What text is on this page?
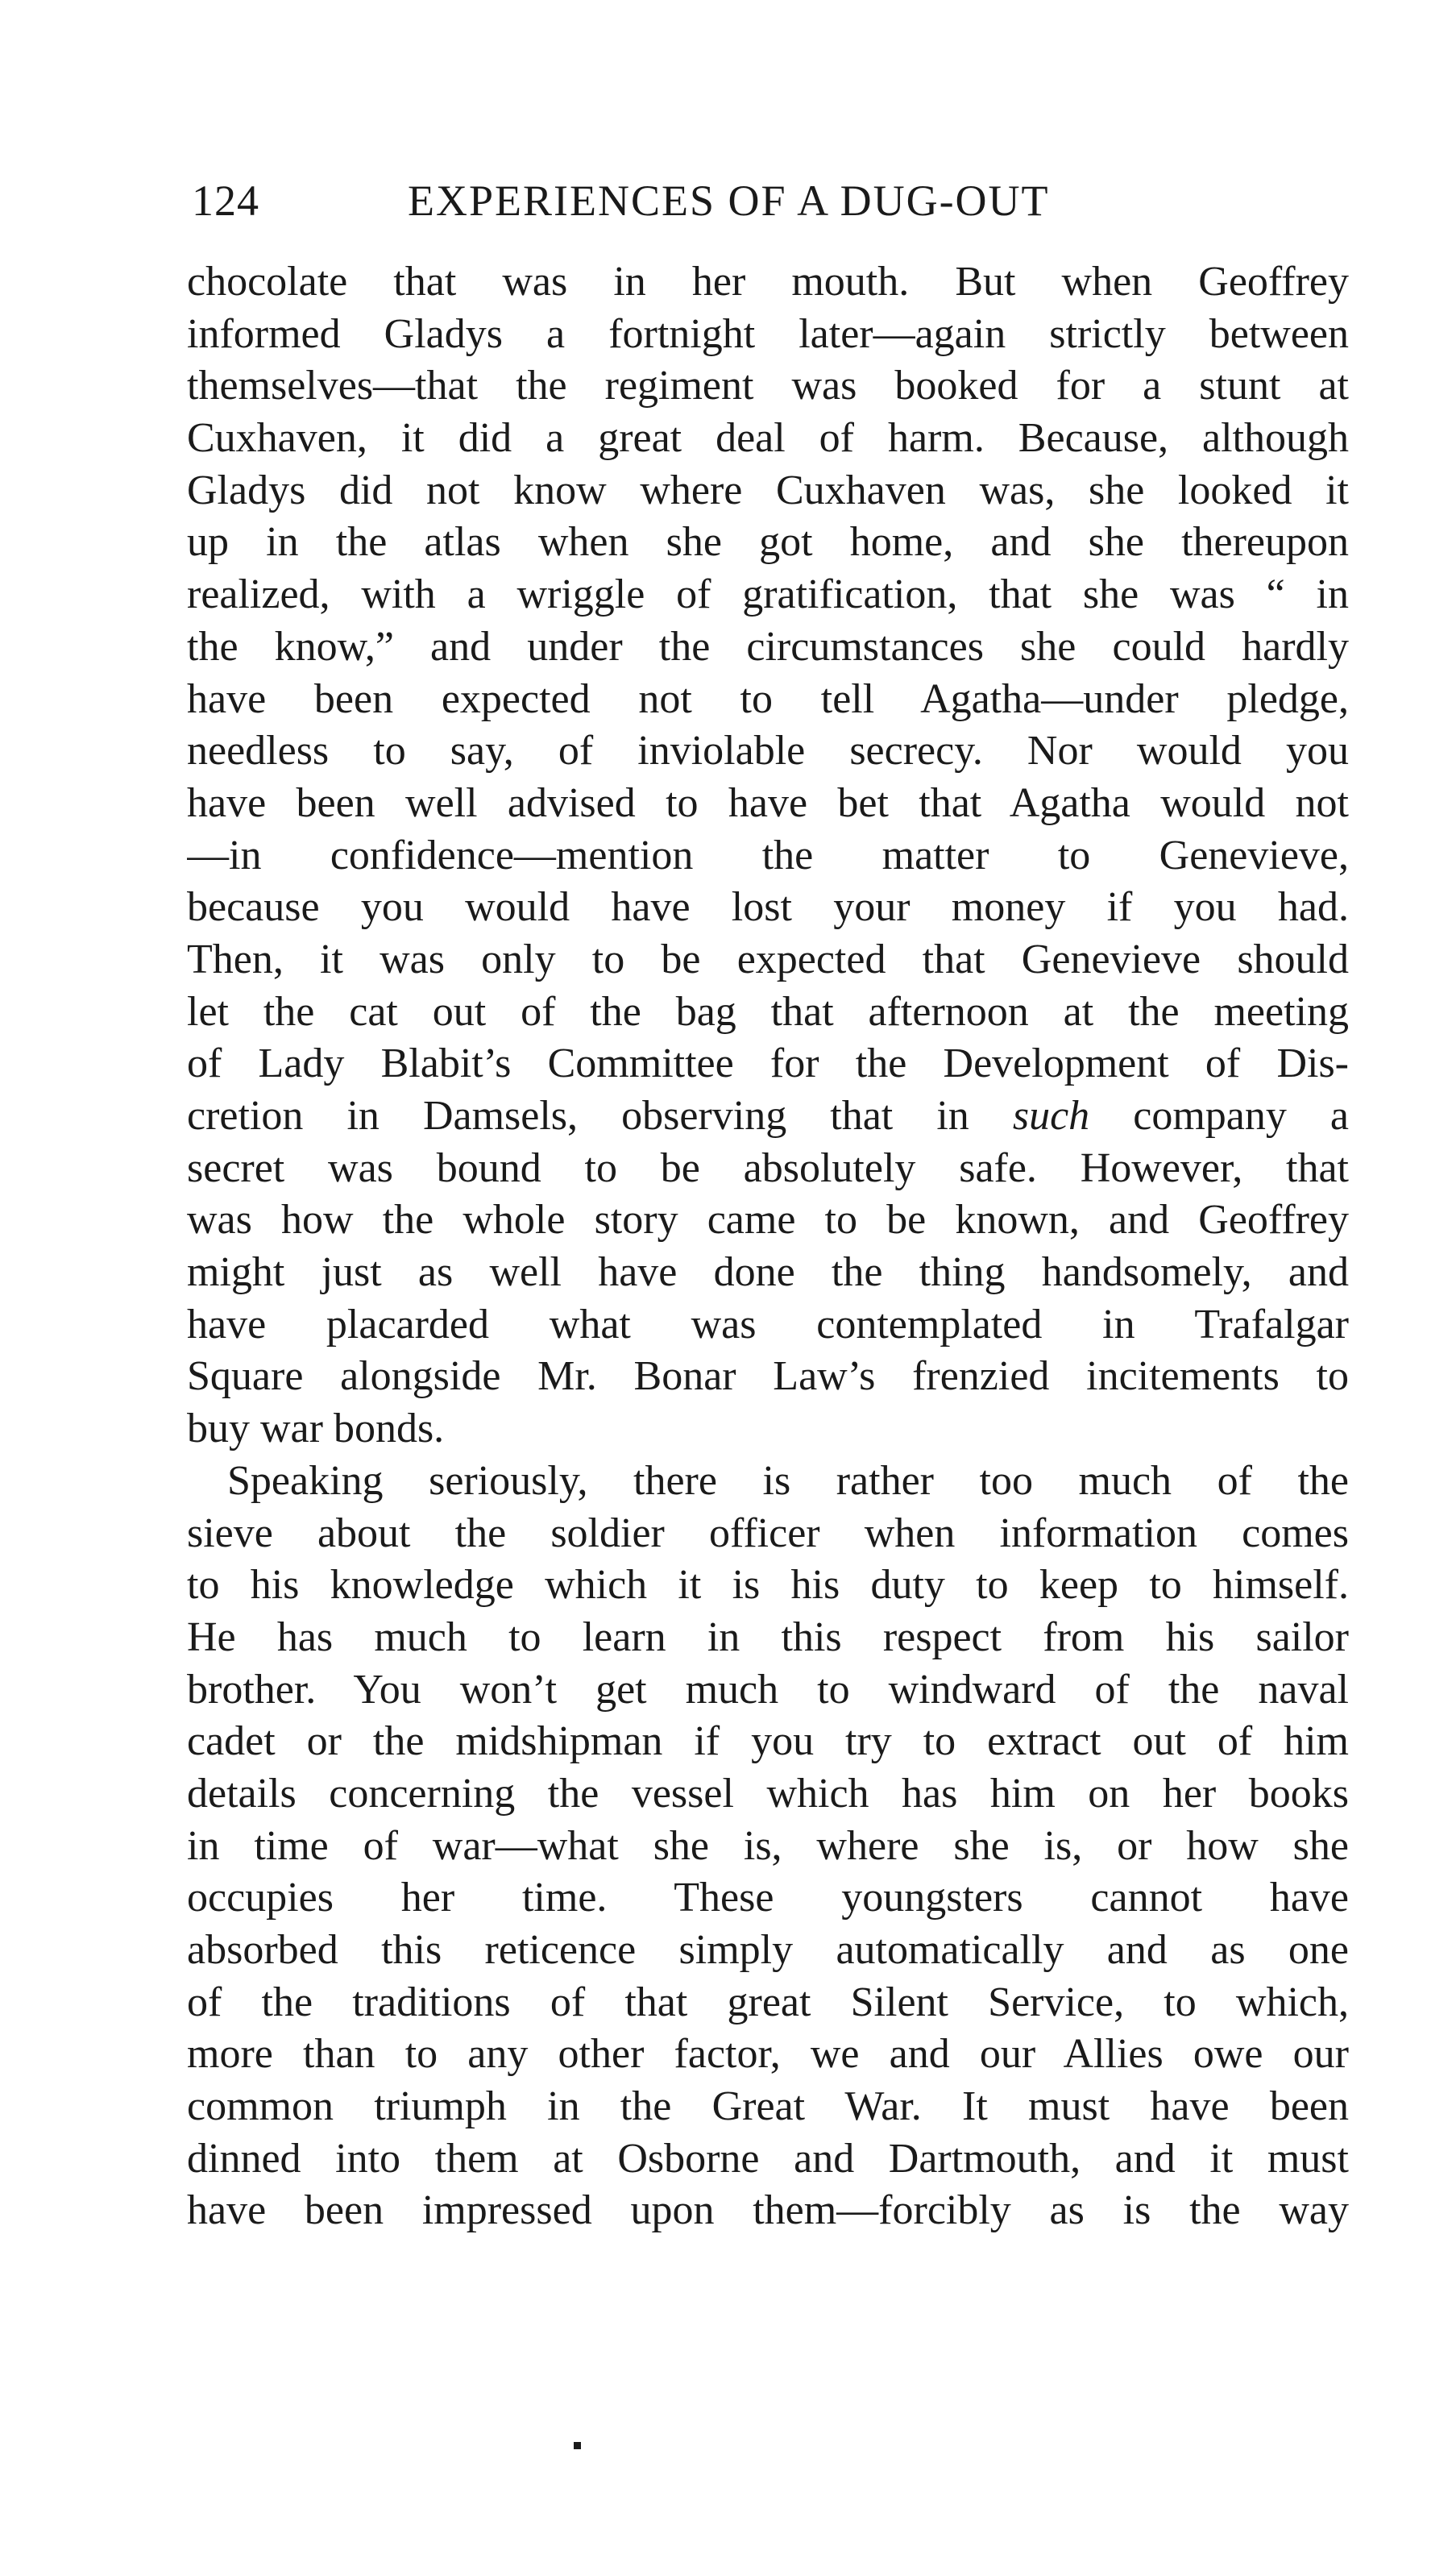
124	EXPERIENCES OF A DUG-OUT
chocolate that was in her mouth. But when Geoffrey
informed Gladys a fortnight later—again strictly between
themselves—that the regiment was booked for a stunt at
Cuxhaven, it did a great deal of harm. Because, although
Gladys did not know where Cuxhaven was, she looked it
up in the atlas when she got home, and she thereupon
realized, with a wriggle of gratification, that she was “ in
the know,” and under the circumstances she could hardly
have been expected not to tell Agatha—under pledge,
needless to say, of inviolable secrecy. Nor would you
have been well advised to have bet that Agatha would not
—in confidence—mention the matter to Genevieve,
because you would have lost your money if you had.
Then, it was only to be expected that Genevieve should
let the cat out of the bag that afternoon at the meeting
of Lady Blabit’s Committee for the Development of Dis-
cretion in Damsels, observing that in such company a
secret was bound to be absolutely safe. However, that
was how the whole story came to be known, and Geoffrey
might just as well have done the thing handsomely, and
have placarded what was contemplated in Trafalgar
Square alongside Mr. Bonar Law’s frenzied incitements to
buy war bonds.
Speaking seriously, there is rather too much of the
sieve about the soldier officer when information comes
to his knowledge which it is his duty to keep to himself.
He has much to learn in this respect from his sailor
brother. You won’t get much to windward of the naval
cadet or the midshipman if you try to extract out of him
details concerning the vessel which has him on her books
in time of war—what she is, where she is, or how she
occupies her time. These youngsters cannot have
absorbed this reticence simply automatically and as one
of the traditions of that great Silent Service, to which,
more than to any other factor, we and our Allies owe our
common triumph in the Great War. It must have been
dinned into them at Osborne and Dartmouth, and it must
have been impressed upon them—forcibly as is the way
